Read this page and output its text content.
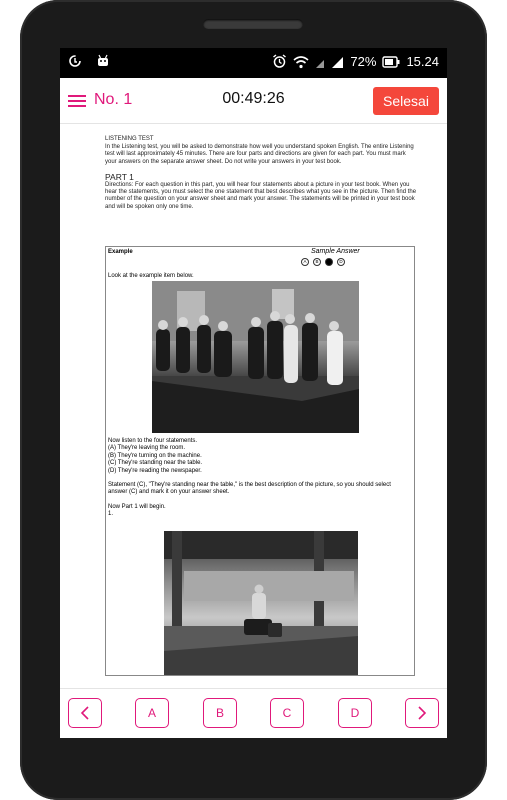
72% 15.24
No. 1	00:49:26	Selesai
LISTENING TEST
In the Listening test, you will be asked to demonstrate how well you understand spoken English. The entire Listening test will last approximately 45 minutes. There are four parts and directions are given for each part. You must mark your answers on the separate answer sheet. Do not write your answers in your test book.
PART 1
Directions: For each question in this part, you will hear four statements about a picture in your test book. When you hear the statements, you must select the one statement that best describes what you see in the picture. Then find the number of the question on your answer sheet and mark your answer. The statements will be printed in your test book and will be spoken only one time.
Example	Sample Answer
A	B	D
Look at the example item below.
Now listen to the four statements.
(A) They're leaving the room.
(B) They're turning on the machine.
(C) They're standing near the table.
(D) They're reading the newspaper.
Statement (C), "They're standing near the table," is the best description of the picture, so you should select answer (C) and mark it on your answer sheet.
Now Part 1 will begin.
1.
A	B	C	D
